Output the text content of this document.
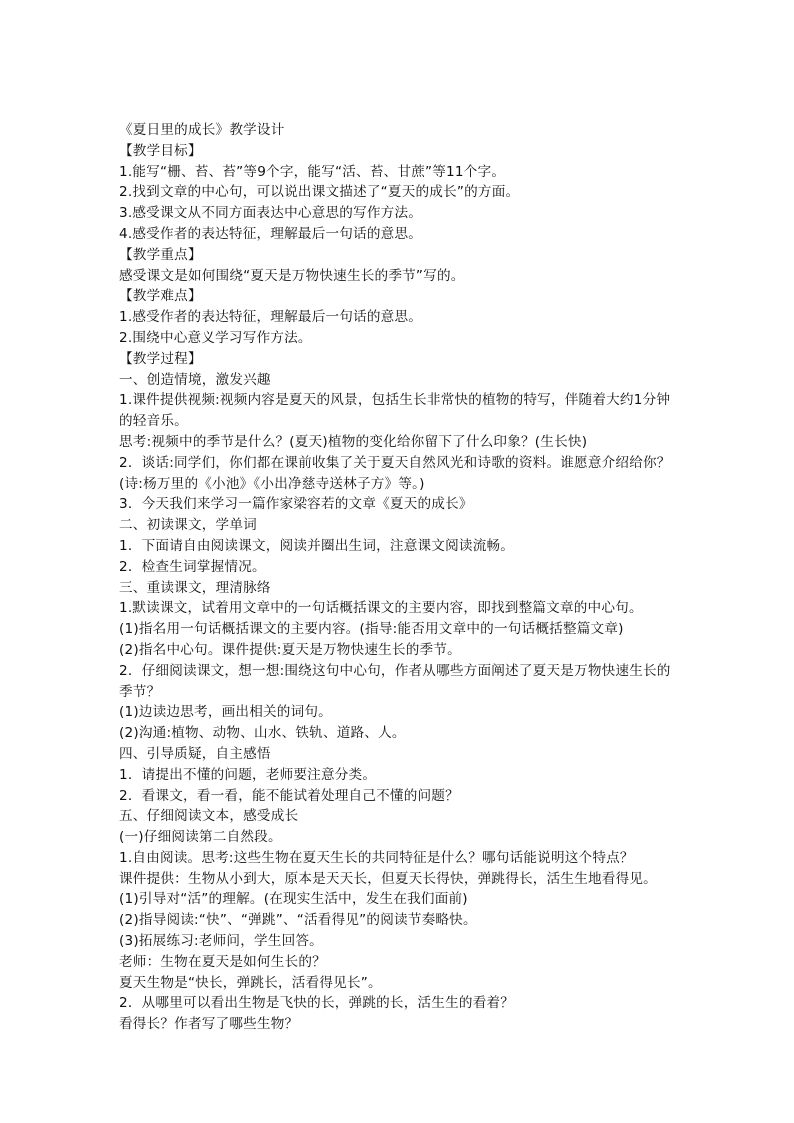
《夏日里的成长》教学设计
【教学目标】
1.能写“栅、苔、苔”等9个字，能写“活、苔、甘蔗”等11个字。
2.找到文章的中心句，可以说出课文描述了“夏天的成长”的方面。
3.感受课文从不同方面表达中心意思的写作方法。
4.感受作者的表达特征，理解最后一句话的意思。
【教学重点】
感受课文是如何围绕“夏天是万物快速生长的季节”写的。
【教学难点】
1.感受作者的表达特征，理解最后一句话的意思。
2.围绕中心意义学习写作方法。
【教学过程】
一、创造情境，激发兴趣
1.课件提供视频:视频内容是夏天的风景，包括生长非常快的植物的特写，伴随着大约1分钟
的轻音乐。
思考:视频中的季节是什么？(夏天)植物的变化给你留下了什么印象？(生长快)
2．谈话:同学们，你们都在课前收集了关于夏天自然风光和诗歌的资料。谁愿意介绍给你？
(诗:杨万里的《小池》《小出净慈寺送林子方》等。)
3．今天我们来学习一篇作家梁容若的文章《夏天的成长》
二、初读课文，学单词
1．下面请自由阅读课文，阅读并圈出生词，注意课文阅读流畅。
2．检查生词掌握情况。
三、重读课文，理清脉络
1.默读课文，试着用文章中的一句话概括课文的主要内容，即找到整篇文章的中心句。
(1)指名用一句话概括课文的主要内容。(指导:能否用文章中的一句话概括整篇文章)
(2)指名中心句。课件提供:夏天是万物快速生长的季节。
2．仔细阅读课文，想一想:围绕这句中心句，作者从哪些方面阐述了夏天是万物快速生长的
季节？
(1)边读边思考，画出相关的词句。
(2)沟通:植物、动物、山水、铁轨、道路、人。
四、引导质疑，自主感悟
1．请提出不懂的问题，老师要注意分类。
2．看课文，看一看，能不能试着处理自己不懂的问题？
五、仔细阅读文本，感受成长
(一)仔细阅读第二自然段。
1.自由阅读。思考:这些生物在夏天生长的共同特征是什么？哪句话能说明这个特点？
课件提供：生物从小到大，原本是天天长，但夏天长得快，弹跳得长，活生生地看得见。
(1)引导对“活”的理解。(在现实生活中，发生在我们面前)
(2)指导阅读:“快”、“弹跳”、“活看得见”的阅读节奏略快。
(3)拓展练习:老师问，学生回答。
老师：生物在夏天是如何生长的？
夏天生物是“快长，弹跳长，活看得见长”。
2．从哪里可以看出生物是飞快的长，弹跳的长，活生生的看着？
看得长？作者写了哪些生物？
